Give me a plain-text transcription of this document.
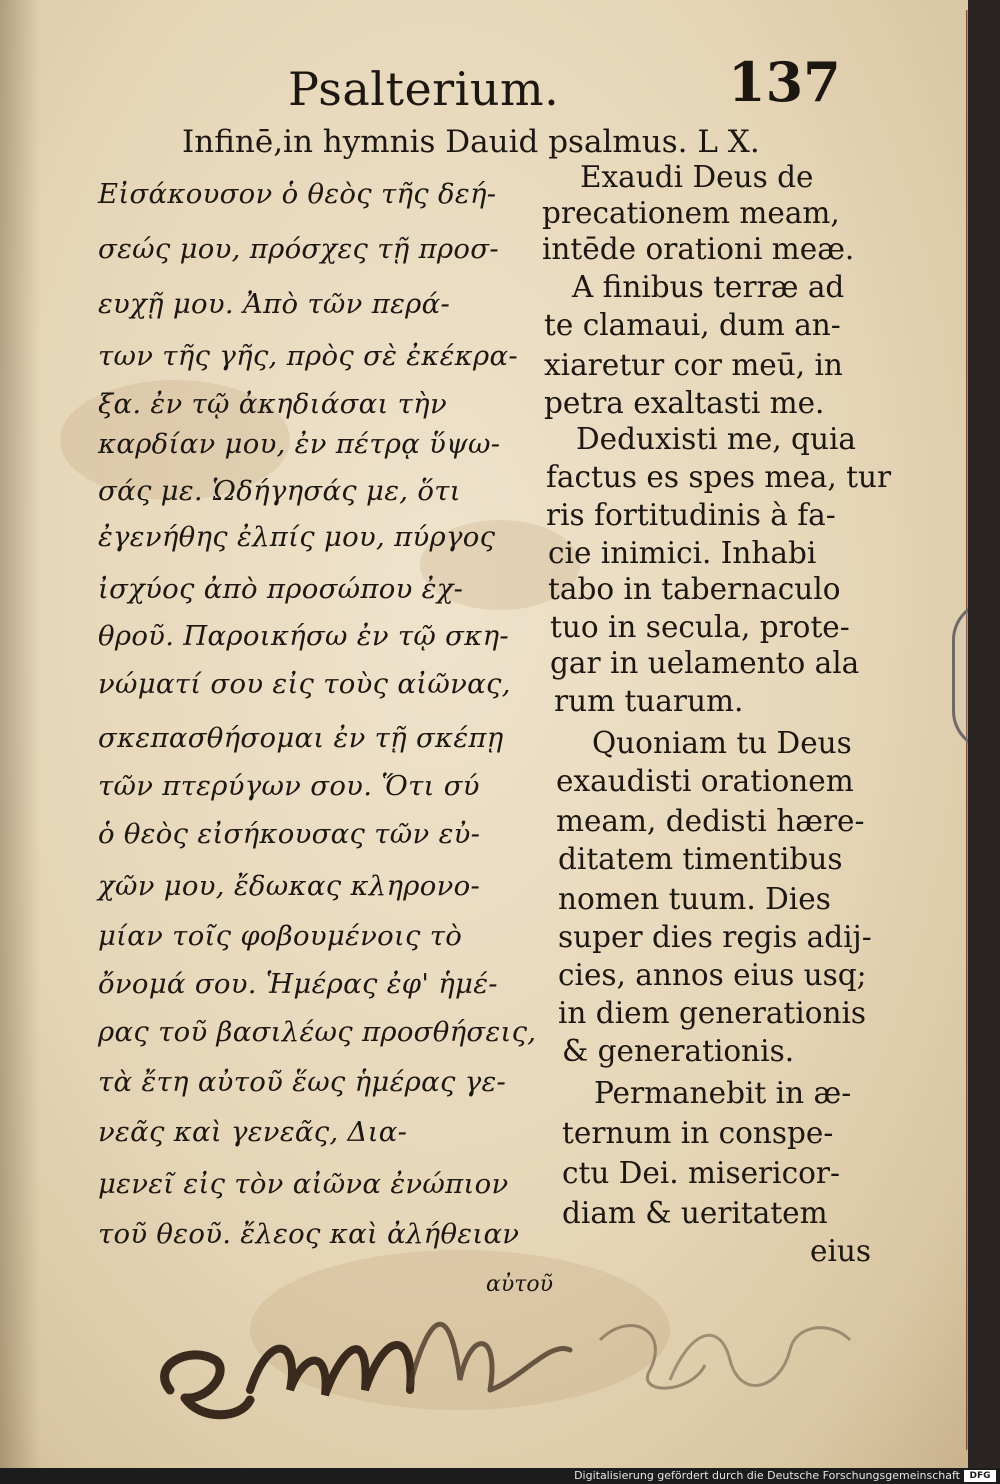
Psalterium.	137
Infinē,in hymnis Dauid psalmus. L X.
Εἰσάκουσον ὁ θεὸς τῆς δεή-
σεώς μου, πρόσχες τῇ προσ-
ευχῇ μου. Ἀπὸ τῶν περά-
των τῆς γῆς, πρὸς σὲ ἐκέκρα-
ξα. ἐν τῷ ἀκηδιάσαι τὴν
καρδίαν μου, ἐν πέτρᾳ ὕψω-
σάς με. Ὡδήγησάς με, ὅτι
ἐγενήθης ἐλπίς μου, πύργος
ἰσχύος ἀπὸ προσώπου ἐχ-
θροῦ. Παροικήσω ἐν τῷ σκη-
νώματί σου εἰς τοὺς αἰῶνας,
σκεπασθήσομαι ἐν τῇ σκέπῃ
τῶν πτερύγων σου. Ὅτι σύ
ὁ θεὸς εἰσήκουσας τῶν εὐ-
χῶν μου, ἔδωκας κληρονο-
μίαν τοῖς φοβουμένοις τὸ
ὄνομά σου. Ἡμέρας ἐφ' ἡμέ-
ρας τοῦ βασιλέως προσθήσεις,
τὰ ἔτη αὐτοῦ ἕως ἡμέρας γε-
νεᾶς καὶ γενεᾶς, Δια-
μενεῖ εἰς τὸν αἰῶνα ἐνώπιον
τοῦ θεοῦ. ἔλεος καὶ ἀλήθειαν
Exaudi Deus de
precationem meam,
intēde orationi meæ.
A finibus terræ ad
te clamaui, dum an-
xiaretur cor meū, in
petra exaltasti me.
Deduxisti me, quia
factus es spes mea, tur
ris fortitudinis à fa-
cie inimici. Inhabi
tabo in tabernaculo
tuo in secula, prote-
gar in uelamento ala
rum tuarum.
Quoniam tu Deus
exaudisti orationem
meam, dedisti hære-
ditatem timentibus
nomen tuum. Dies
super dies regis adij-
cies, annos eius usq;
in diem generationis
& generationis.
Permanebit in æ-
ternum in conspe-
ctu Dei. misericor-
diam & ueritatem
eius
αὐτοῦ
Digitalisierung gefördert durch die Deutsche Forschungsgemeinschaft	DFG
